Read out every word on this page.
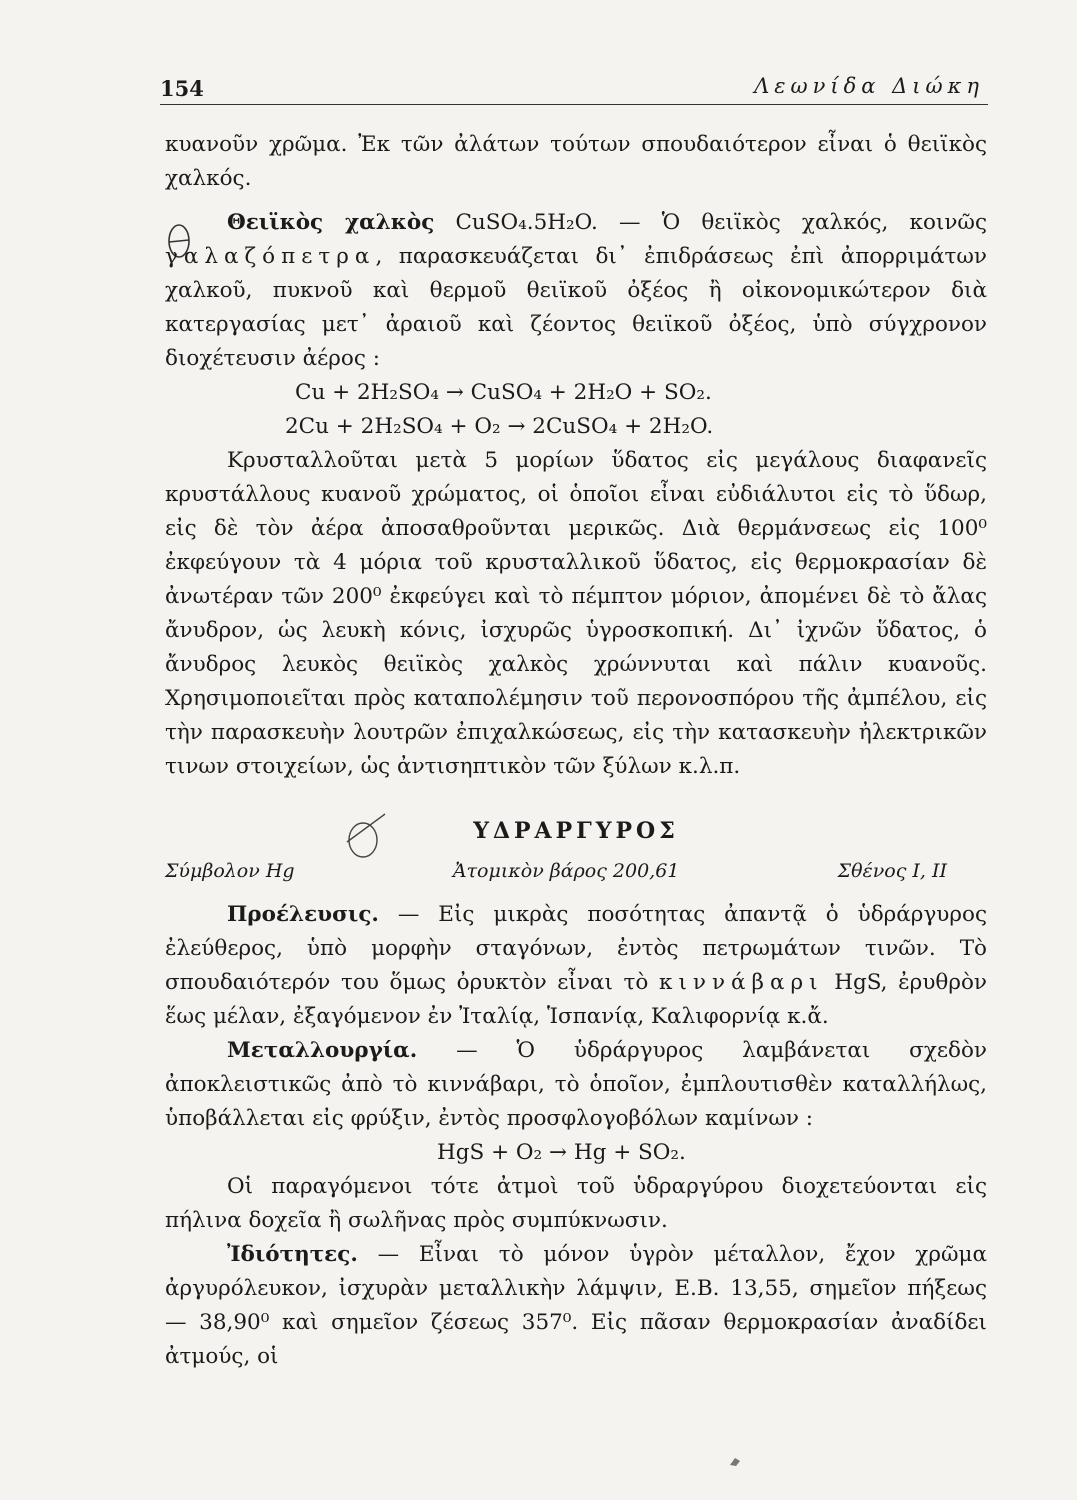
154	Λεωνίδα Διώκη

κυανοῦν χρῶμα. Ἐκ τῶν ἀλάτων τούτων σπουδαιότερον εἶναι ὁ θειϊκὸς χαλκός.

Θειϊκὸς χαλκὸς CuSO₄.5H₂O. — Ὁ θειϊκὸς χαλκός, κοινῶς γαλαζόπετρα, παρασκευάζεται δι᾽ ἐπιδράσεως ἐπὶ ἀπορριμάτων χαλκοῦ, πυκνοῦ καὶ θερμοῦ θειϊκοῦ ὀξέος ἢ οἰκονομικώτερον διὰ κατεργασίας μετ᾽ ἀραιοῦ καὶ ζέοντος θειϊκοῦ ὀξέος, ὑπὸ σύγχρονον διοχέτευσιν ἀέρος :

Cu + 2H₂SO₄ → CuSO₄ + 2H₂O + SO₂.

2Cu + 2H₂SO₄ + O₂ → 2CuSO₄ + 2H₂O.

Κρυσταλλοῦται μετὰ 5 μορίων ὕδατος εἰς μεγάλους διαφανεῖς κρυστάλλους κυανοῦ χρώματος, οἱ ὁποῖοι εἶναι εὐδιάλυτοι εἰς τὸ ὕδωρ, εἰς δὲ τὸν ἀέρα ἀποσαθροῦνται μερικῶς. Διὰ θερμάνσεως εἰς 100⁰ ἐκφεύγουν τὰ 4 μόρια τοῦ κρυσταλλικοῦ ὕδατος, εἰς θερμοκρασίαν δὲ ἀνωτέραν τῶν 200⁰ ἐκφεύγει καὶ τὸ πέμπτον μόριον, ἀπομένει δὲ τὸ ἄλας ἄνυδρον, ὡς λευκὴ κόνις, ἰσχυρῶς ὑγροσκοπική. Δι᾽ ἰχνῶν ὕδατος, ὁ ἄνυδρος λευκὸς θειϊκὸς χαλκὸς χρώννυται καὶ πάλιν κυανοῦς. Χρησιμοποιεῖται πρὸς καταπολέμησιν τοῦ περονοσπόρου τῆς ἀμπέλου, εἰς τὴν παρασκευὴν λουτρῶν ἐπιχαλκώσεως, εἰς τὴν κατασκευὴν ἠλεκτρικῶν τινων στοιχείων, ὡς ἀντισηπτικὸν τῶν ξύλων κ.λ.π.

ΥΔΡΑΡΓΥΡΟΣ
Σύμβολον Hg	Ἀτομικὸν βάρος 200,61	Σθένος I, II

Προέλευσις. — Εἰς μικρὰς ποσότητας ἀπαντᾷ ὁ ὑδράργυρος ἐλεύθερος, ὑπὸ μορφὴν σταγόνων, ἐντὸς πετρωμάτων τινῶν. Τὸ σπουδαιότερόν του ὅμως ὀρυκτὸν εἶναι τὸ κιννάβαρι HgS, ἐρυθρὸν ἕως μέλαν, ἐξαγόμενον ἐν Ἰταλίᾳ, Ἱσπανίᾳ, Καλιφορνίᾳ κ.ἄ.

Μεταλλουργία. — Ὁ ὑδράργυρος λαμβάνεται σχεδὸν ἀποκλειστικῶς ἀπὸ τὸ κιννάβαρι, τὸ ὁποῖον, ἐμπλουτισθὲν καταλλήλως, ὑποβάλλεται εἰς φρύξιν, ἐντὸς προσφλογοβόλων καμίνων :

HgS + O₂ → Hg + SO₂.

Οἱ παραγόμενοι τότε ἀτμοὶ τοῦ ὑδραργύρου διοχετεύονται εἰς πήλινα δοχεῖα ἢ σωλῆνας πρὸς συμπύκνωσιν.

Ἰδιότητες. — Εἶναι τὸ μόνον ὑγρὸν μέταλλον, ἔχον χρῶμα ἀργυρόλευκον, ἰσχυρὰν μεταλλικὴν λάμψιν, Ε.Β. 13,55, σημεῖον πήξεως — 38,90⁰ καὶ σημεῖον ζέσεως 357⁰. Εἰς πᾶσαν θερμοκρασίαν ἀναδίδει ἀτμούς, οἱ
